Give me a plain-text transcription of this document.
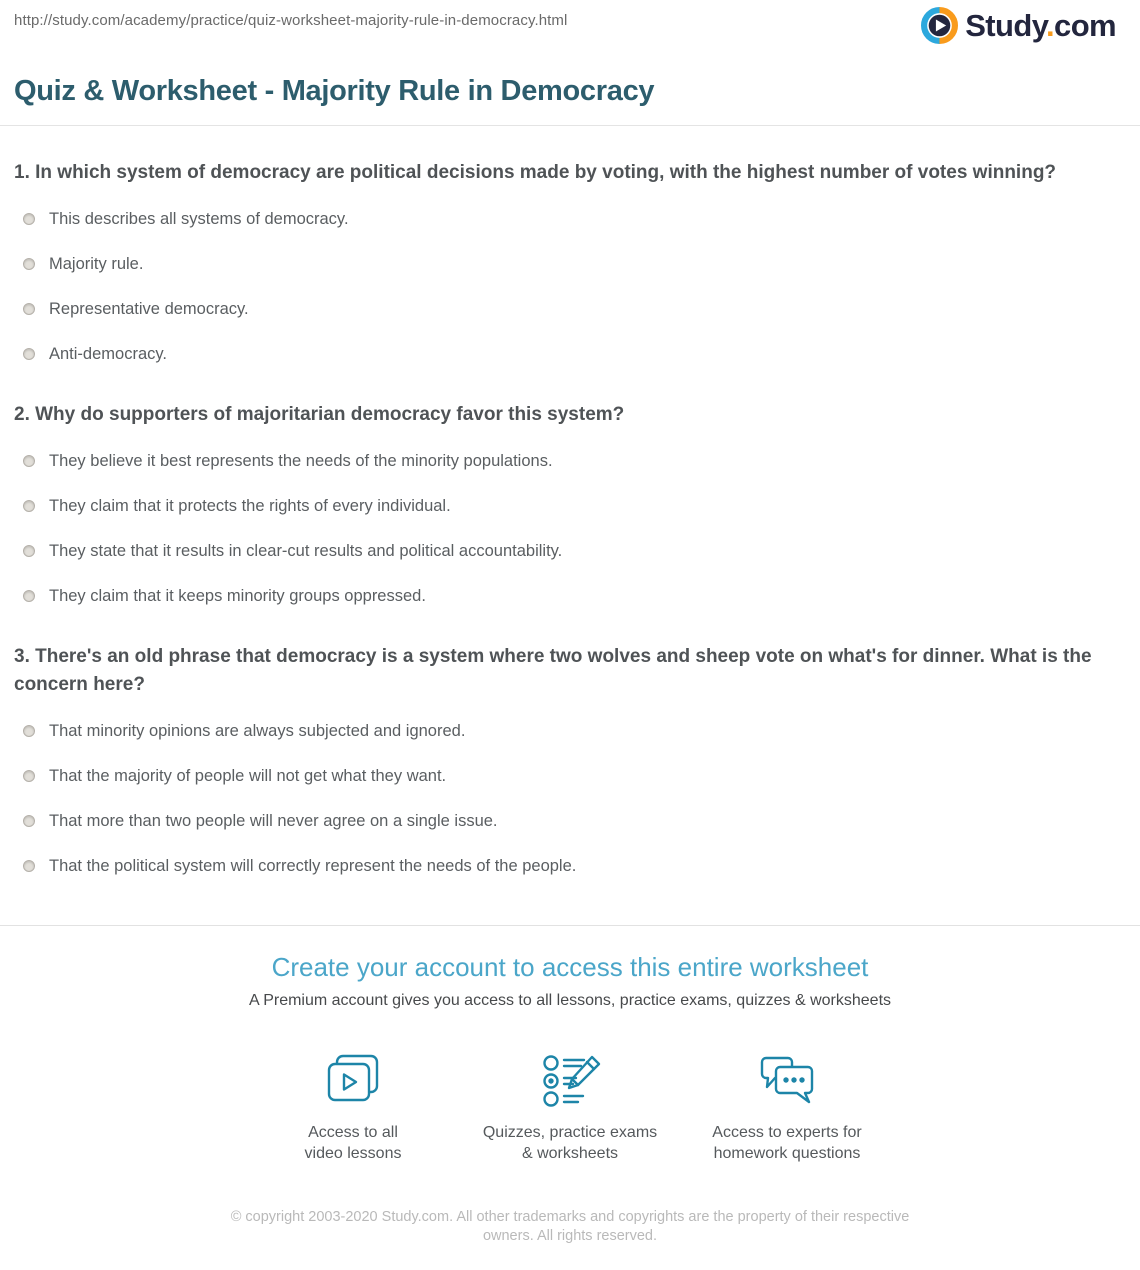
http://study.com/academy/practice/quiz-worksheet-majority-rule-in-democracy.html	Study.com
Quiz & Worksheet - Majority Rule in Democracy

1. In which system of democracy are political decisions made by voting, with the highest number of votes winning?

This describes all systems of democracy.
Majority rule.
Representative democracy.
Anti-democracy.

2. Why do supporters of majoritarian democracy favor this system?

They believe it best represents the needs of the minority populations.
They claim that it protects the rights of every individual.
They state that it results in clear-cut results and political accountability.
They claim that it keeps minority groups oppressed.

3. There's an old phrase that democracy is a system where two wolves and sheep vote on what's for dinner. What is the concern here?

That minority opinions are always subjected and ignored.
That the majority of people will not get what they want.
That more than two people will never agree on a single issue.
That the political system will correctly represent the needs of the people.
Create your account to access this entire worksheet
A Premium account gives you access to all lessons, practice exams, quizzes & worksheets
Access to all
video lessons
Quizzes, practice exams
& worksheets
Access to experts for
homework questions
© copyright 2003-2020 Study.com. All other trademarks and copyrights are the property of their respective owners. All rights reserved.
